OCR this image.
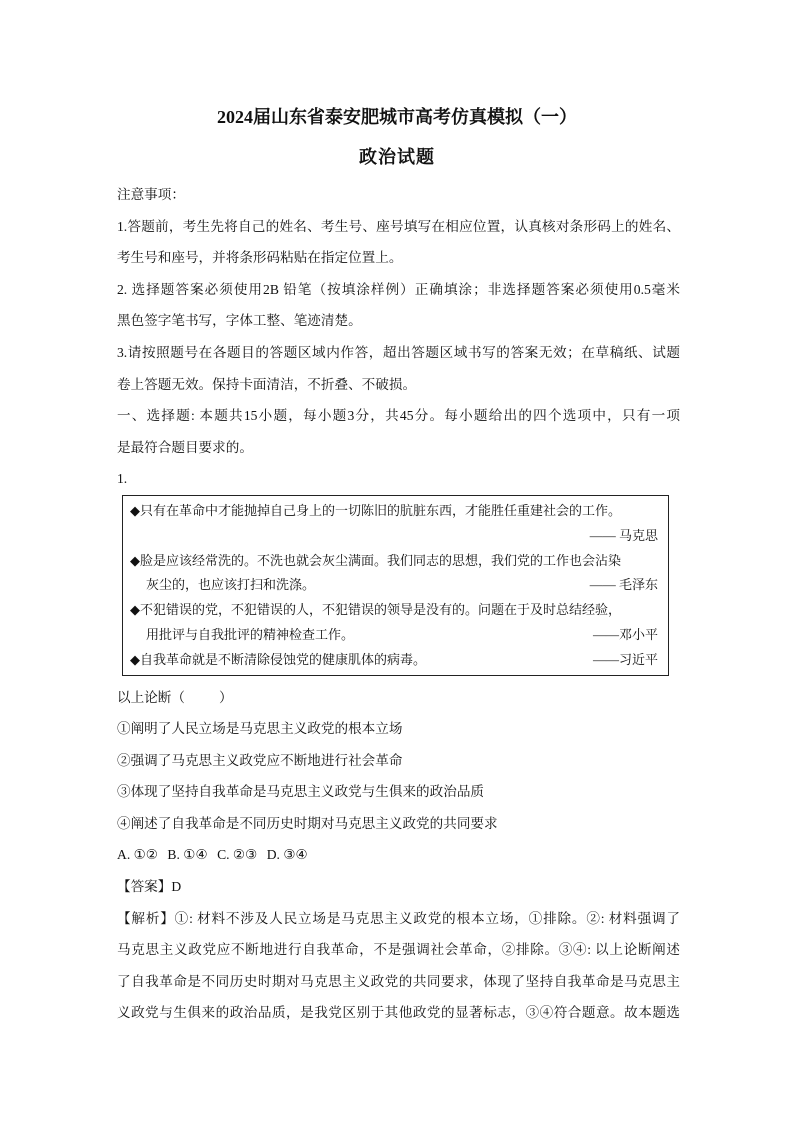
2024届山东省泰安肥城市高考仿真模拟（一）
政治试题
注意事项：
1.答题前，考生先将自己的姓名、考生号、座号填写在相应位置，认真核对条形码上的姓名、
考生号和座号，并将条形码粘贴在指定位置上。
2. 选择题答案必须使用2B 铅笔（按填涂样例）正确填涂；非选择题答案必须使用0.5毫米
黑色签字笔书写，字体工整、笔迹清楚。
3.请按照题号在各题目的答题区域内作答，超出答题区域书写的答案无效；在草稿纸、试题
卷上答题无效。保持卡面清洁，不折叠、不破损。
一、选择题: 本题共15小题，每小题3分，共45分。每小题给出的四个选项中，只有一项
是最符合题目要求的。
1.
◆只有在革命中才能抛掉自己身上的一切陈旧的肮脏东西，才能胜任重建社会的工作。
—— 马克思
◆脸是应该经常洗的。不洗也就会灰尘满面。我们同志的思想，我们党的工作也会沾染
灰尘的，也应该打扫和洗涤。	—— 毛泽东
◆不犯错误的党，不犯错误的人，不犯错误的领导是没有的。问题在于及时总结经验，
用批评与自我批评的精神检查工作。	——邓小平
◆自我革命就是不断清除侵蚀党的健康肌体的病毒。	——习近平
以上论断（	）
①阐明了人民立场是马克思主义政党的根本立场
②强调了马克思主义政党应不断地进行社会革命
③体现了坚持自我革命是马克思主义政党与生俱来的政治品质
④阐述了自我革命是不同历史时期对马克思主义政党的共同要求
A. ①② B. ①④ C. ②③ D. ③④
【答案】D
【解析】①: 材料不涉及人民立场是马克思主义政党的根本立场，①排除。②: 材料强调了
马克思主义政党应不断地进行自我革命，不是强调社会革命，②排除。③④: 以上论断阐述
了自我革命是不同历史时期对马克思主义政党的共同要求，体现了坚持自我革命是马克思主
义政党与生俱来的政治品质，是我党区别于其他政党的显著标志，③④符合题意。故本题选
